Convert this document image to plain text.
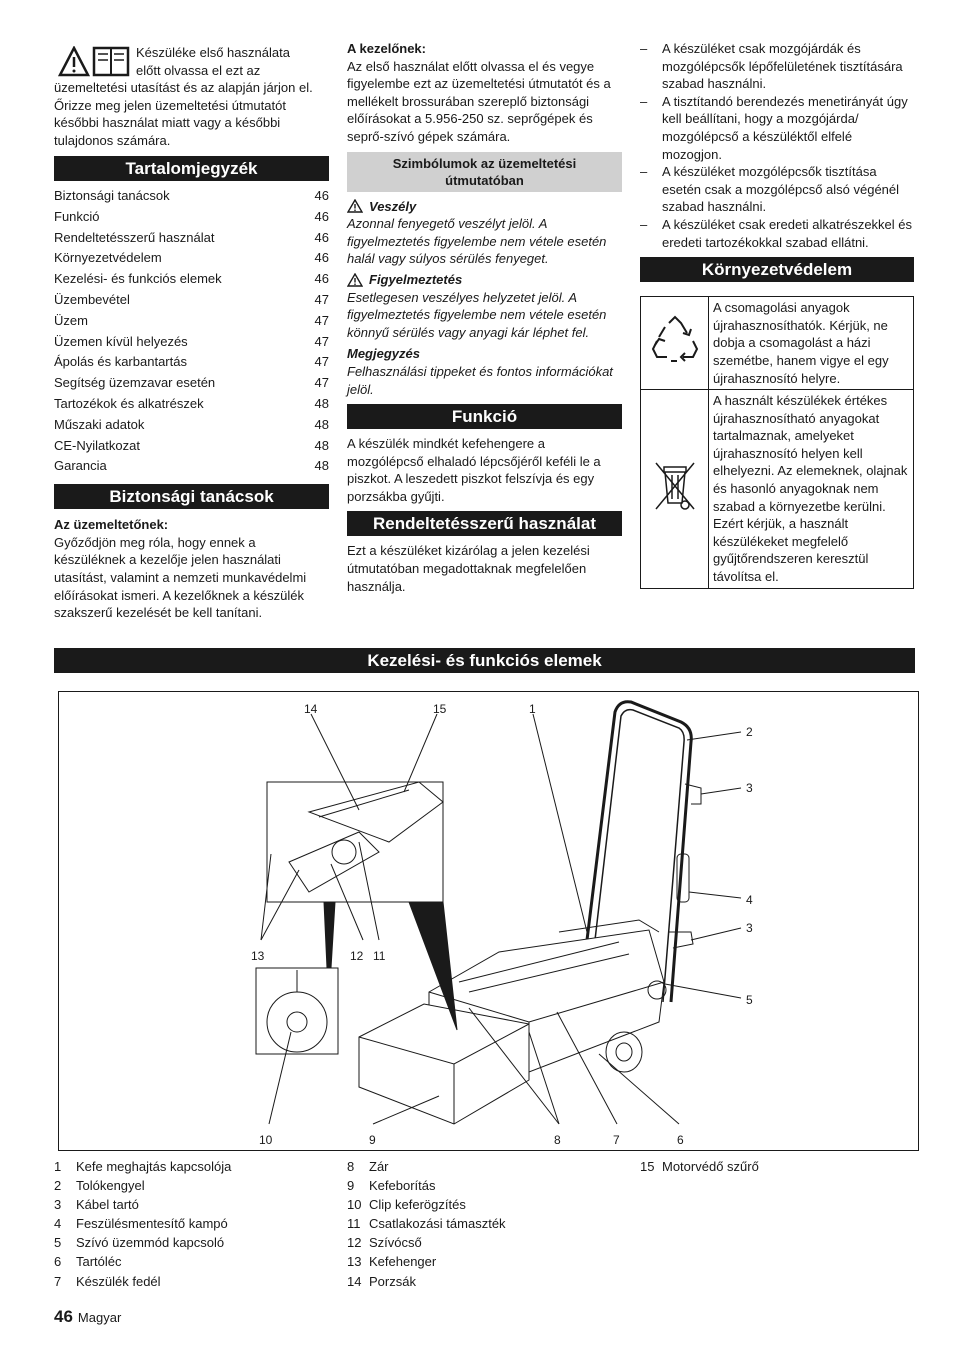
Készüléke első használata
előtt olvassa el ezt az
üzemeltetési utasítást és az alapján járjon el. Őrizze meg jelen üzemeltetési útmutatót későbbi használat miatt vagy a későbbi tulajdonos számára.
Tartalomjegyzék
Biztonsági tanácsok	46
Funkció	46
Rendeltetésszerű használat	46
Környezetvédelem	46
Kezelési- és funkciós elemek	46
Üzembevétel	47
Üzem	47
Üzemen kívül helyezés	47
Ápolás és karbantartás	47
Segítség üzemzavar esetén	47
Tartozékok és alkatrészek	48
Műszaki adatok	48
CE-Nyilatkozat	48
Garancia	48
Biztonsági tanácsok
Az üzemeltetőnek:
Győződjön meg róla, hogy ennek a készüléknek a kezelője jelen használati utasítást, valamint a nemzeti munkavédelmi előírásokat ismeri. A kezelőknek a készülék szakszerű kezelését be kell tanítani.
A kezelőnek:
Az első használat előtt olvassa el és vegye figyelembe ezt az üzemeltetési útmutatót és a mellékelt brossurában szereplő biztonsági előírásokat a 5.956-250 sz. seprőgépek és seprő-szívó gépek számára.
Szimbólumok az üzemeltetési útmutatóban
Veszély
Azonnal fenyegető veszélyt jelöl. A figyelmeztetés figyelembe nem vétele esetén halál vagy súlyos sérülés fenyeget.
Figyelmeztetés
Esetlegesen veszélyes helyzetet jelöl. A figyelmeztetés figyelembe nem vétele esetén könnyű sérülés vagy anyagi kár léphet fel.
Megjegyzés
Felhasználási tippeket és fontos információkat jelöl.
Funkció
A készülék mindkét kefehengere a mozgólépcső elhaladó lépcsőjéről keféli le a piszkot. A leszedett piszkot felszívja és egy porzsákba gyűjti.
Rendeltetésszerű használat
Ezt a készüléket kizárólag a jelen kezelési útmutatóban megadottaknak megfelelően használja.
–	A készüléket csak mozgójárdák és mozgólépcsők lépőfelületének tisztítására szabad használni.
–	A tisztítandó berendezés menetirányát úgy kell beállítani, hogy a mozgójárda/ mozgólépcső a készüléktől elfelé mozogjon.
–	A készüléket mozgólépcsők tisztítása esetén csak a mozgólépcső alsó végénél szabad használni.
–	A készüléket csak eredeti alkatrészekkel és eredeti tartozékokkal szabad ellátni.
Környezetvédelem
	A csomagolási anyagok újrahasznosíthatók. Kérjük, ne dobja a csomagolást a házi szemétbe, hanem vigye el egy újrahasznosító helyre.
	A használt készülékek értékes újrahasznosítható anyagokat tartalmaznak, amelyeket újrahasznosító helyen kell elhelyezni. Az elemeknek, olajnak és hasonló anyagoknak nem szabad a környezetbe kerülni. Ezért kérjük, a használt készülékeket megfelelő gyűjtőrendszeren keresztül távolítsa el.
Kezelési- és funkciós elemek
1
2
3
4
3
5
6
7
8
9
10
11
12
13
14	15
1	Kefe meghajtás kapcsolója
2	Tolókengyel
3	Kábel tartó
4	Feszülésmentesítő kampó
5	Szívó üzemmód kapcsoló
6	Tartóléc
7	Készülék fedél
8	Zár
9	Kefeborítás
10 Clip keferögzítés
11 Csatlakozási támaszték
12 Szívócső
13 Kefehenger
14 Porzsák
15 Motorvédő szűrő
46 Magyar
